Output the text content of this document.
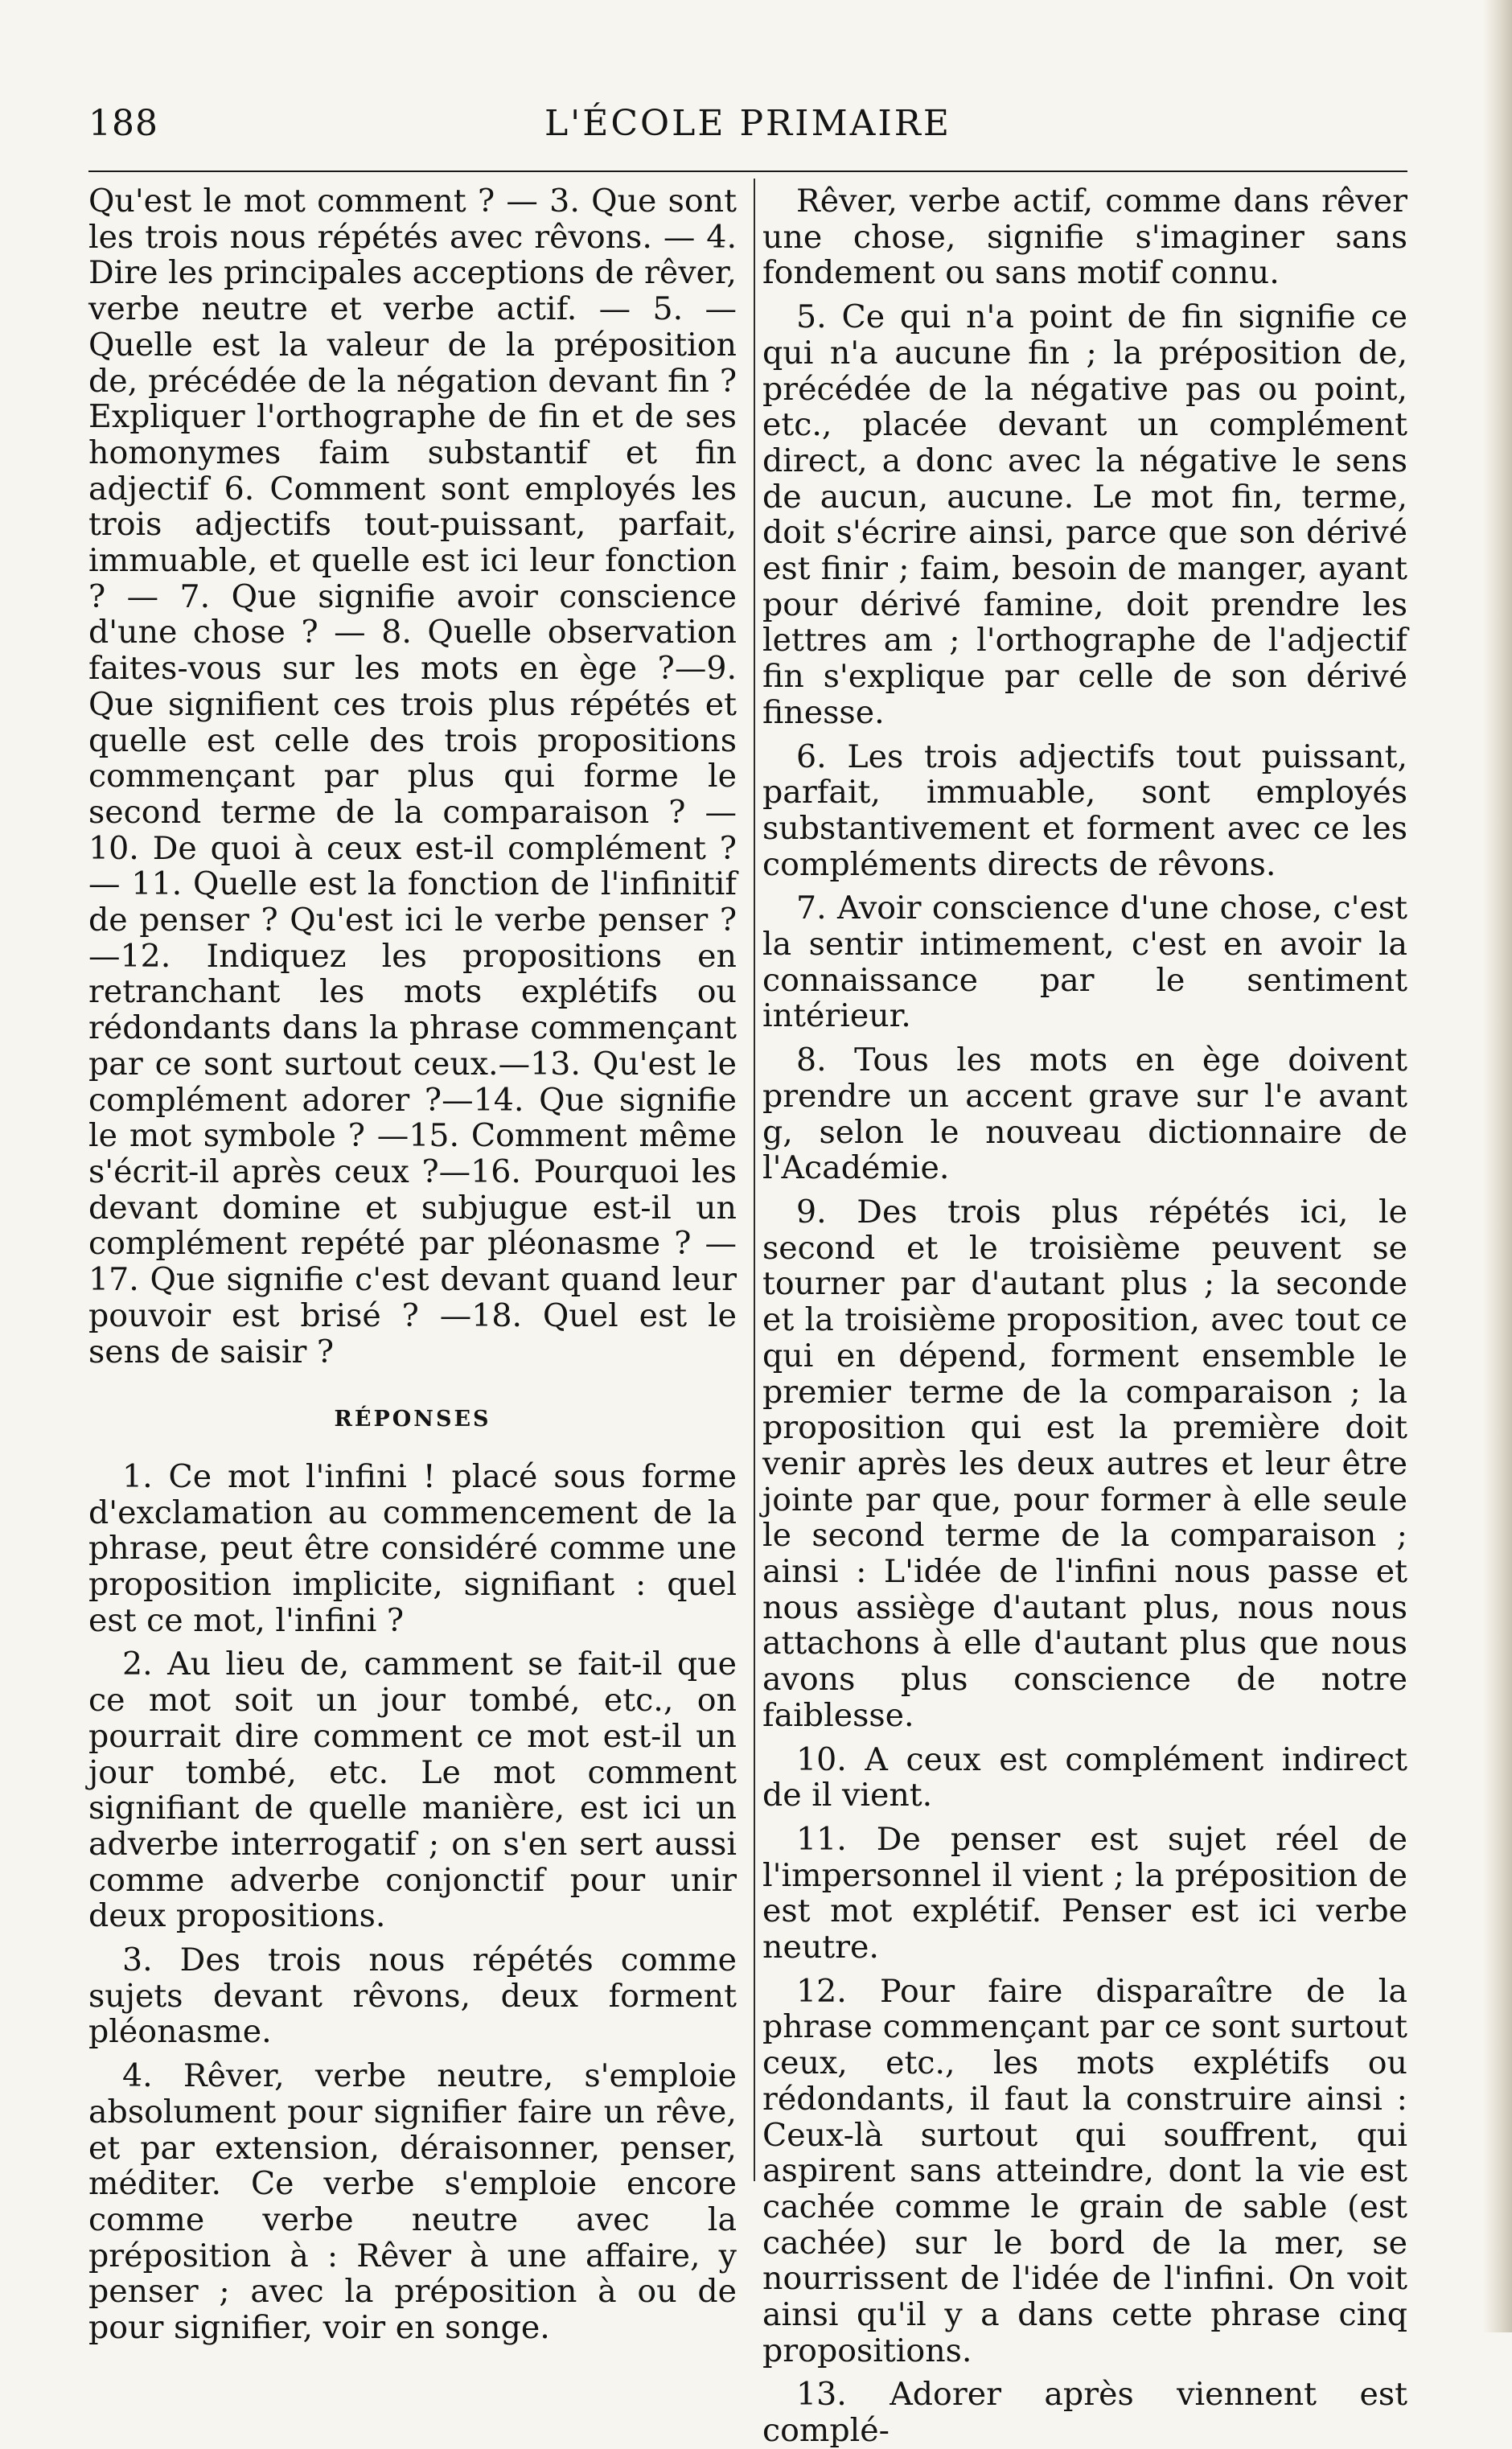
L'ÉCOLE PRIMAIRE
188

Qu'est le mot comment ? — 3. Que sont les trois nous répétés avec rêvons. — 4. Dire les principales acceptions de rêver, verbe neutre et verbe actif. — 5. —Quelle est la valeur de la préposition de, précédée de la négation devant fin ? Expliquer l'orthographe de fin et de ses homonymes faim substantif et fin adjectif 6. Comment sont employés les trois adjectifs tout-puissant, parfait, immuable, et quelle est ici leur fonction ? — 7. Que signifie avoir conscience d'une chose ? — 8. Quelle observation faites-vous sur les mots en ège ?—9. Que signifient ces trois plus répétés et quelle est celle des trois propositions commençant par plus qui forme le second terme de la comparaison ? — 10. De quoi à ceux est-il complément ? — 11. Quelle est la fonction de l'infinitif de penser ? Qu'est ici le verbe penser ?—12. Indiquez les propositions en retranchant les mots explétifs ou rédondants dans la phrase commençant par ce sont surtout ceux.—13. Qu'est le complément adorer ?—14. Que signifie le mot symbole ? —15. Comment même s'écrit-il après ceux ?—16. Pourquoi les devant domine et subjugue est-il un complément repété par pléonasme ? — 17. Que signifie c'est devant quand leur pouvoir est brisé ? —18. Quel est le sens de saisir ?

RÉPONSES

1. Ce mot l'infini ! placé sous forme d'exclamation au commencement de la phrase, peut être considéré comme une proposition implicite, signifiant : quel est ce mot, l'infini ?

2. Au lieu de, camment se fait-il que ce mot soit un jour tombé, etc., on pourrait dire comment ce mot est-il un jour tombé, etc. Le mot comment signifiant de quelle manière, est ici un adverbe interrogatif ; on s'en sert aussi comme adverbe conjonctif pour unir deux propositions.

3. Des trois nous répétés comme sujets devant rêvons, deux forment pléonasme.

4. Rêver, verbe neutre, s'emploie absolument pour signifier faire un rêve, et par extension, déraisonner, penser, méditer. Ce verbe s'emploie encore comme verbe neutre avec la préposition à : Rêver à une affaire, y penser ; avec la préposition à ou de pour signifier, voir en songe.

Rêver, verbe actif, comme dans rêver une chose, signifie s'imaginer sans fondement ou sans motif connu.

5. Ce qui n'a point de fin signifie ce qui n'a aucune fin ; la préposition de, précédée de la négative pas ou point, etc., placée devant un complément direct, a donc avec la négative le sens de aucun, aucune. Le mot fin, terme, doit s'écrire ainsi, parce que son dérivé est finir ; faim, besoin de manger, ayant pour dérivé famine, doit prendre les lettres am ; l'orthographe de l'adjectif fin s'explique par celle de son dérivé finesse.

6. Les trois adjectifs tout puissant, parfait, immuable, sont employés substantivement et forment avec ce les compléments directs de rêvons.

7. Avoir conscience d'une chose, c'est la sentir intimement, c'est en avoir la connaissance par le sentiment intérieur.

8. Tous les mots en ège doivent prendre un accent grave sur l'e avant g, selon le nouveau dictionnaire de l'Académie.

9. Des trois plus répétés ici, le second et le troisième peuvent se tourner par d'autant plus ; la seconde et la troisième proposition, avec tout ce qui en dépend, forment ensemble le premier terme de la comparaison ; la proposition qui est la première doit venir après les deux autres et leur être jointe par que, pour former à elle seule le second terme de la comparaison ; ainsi : L'idée de l'infini nous passe et nous assiège d'autant plus, nous nous attachons à elle d'autant plus que nous avons plus conscience de notre faiblesse.

10. A ceux est complément indirect de il vient.

11. De penser est sujet réel de l'impersonnel il vient ; la préposition de est mot explétif. Penser est ici verbe neutre.

12. Pour faire disparaître de la phrase commençant par ce sont surtout ceux, etc., les mots explétifs ou rédondants, il faut la construire ainsi : Ceux-là surtout qui souffrent, qui aspirent sans atteindre, dont la vie est cachée comme le grain de sable (est cachée) sur le bord de la mer, se nourrissent de l'idée de l'infini. On voit ainsi qu'il y a dans cette phrase cinq propositions.

13. Adorer après viennent est complé-
